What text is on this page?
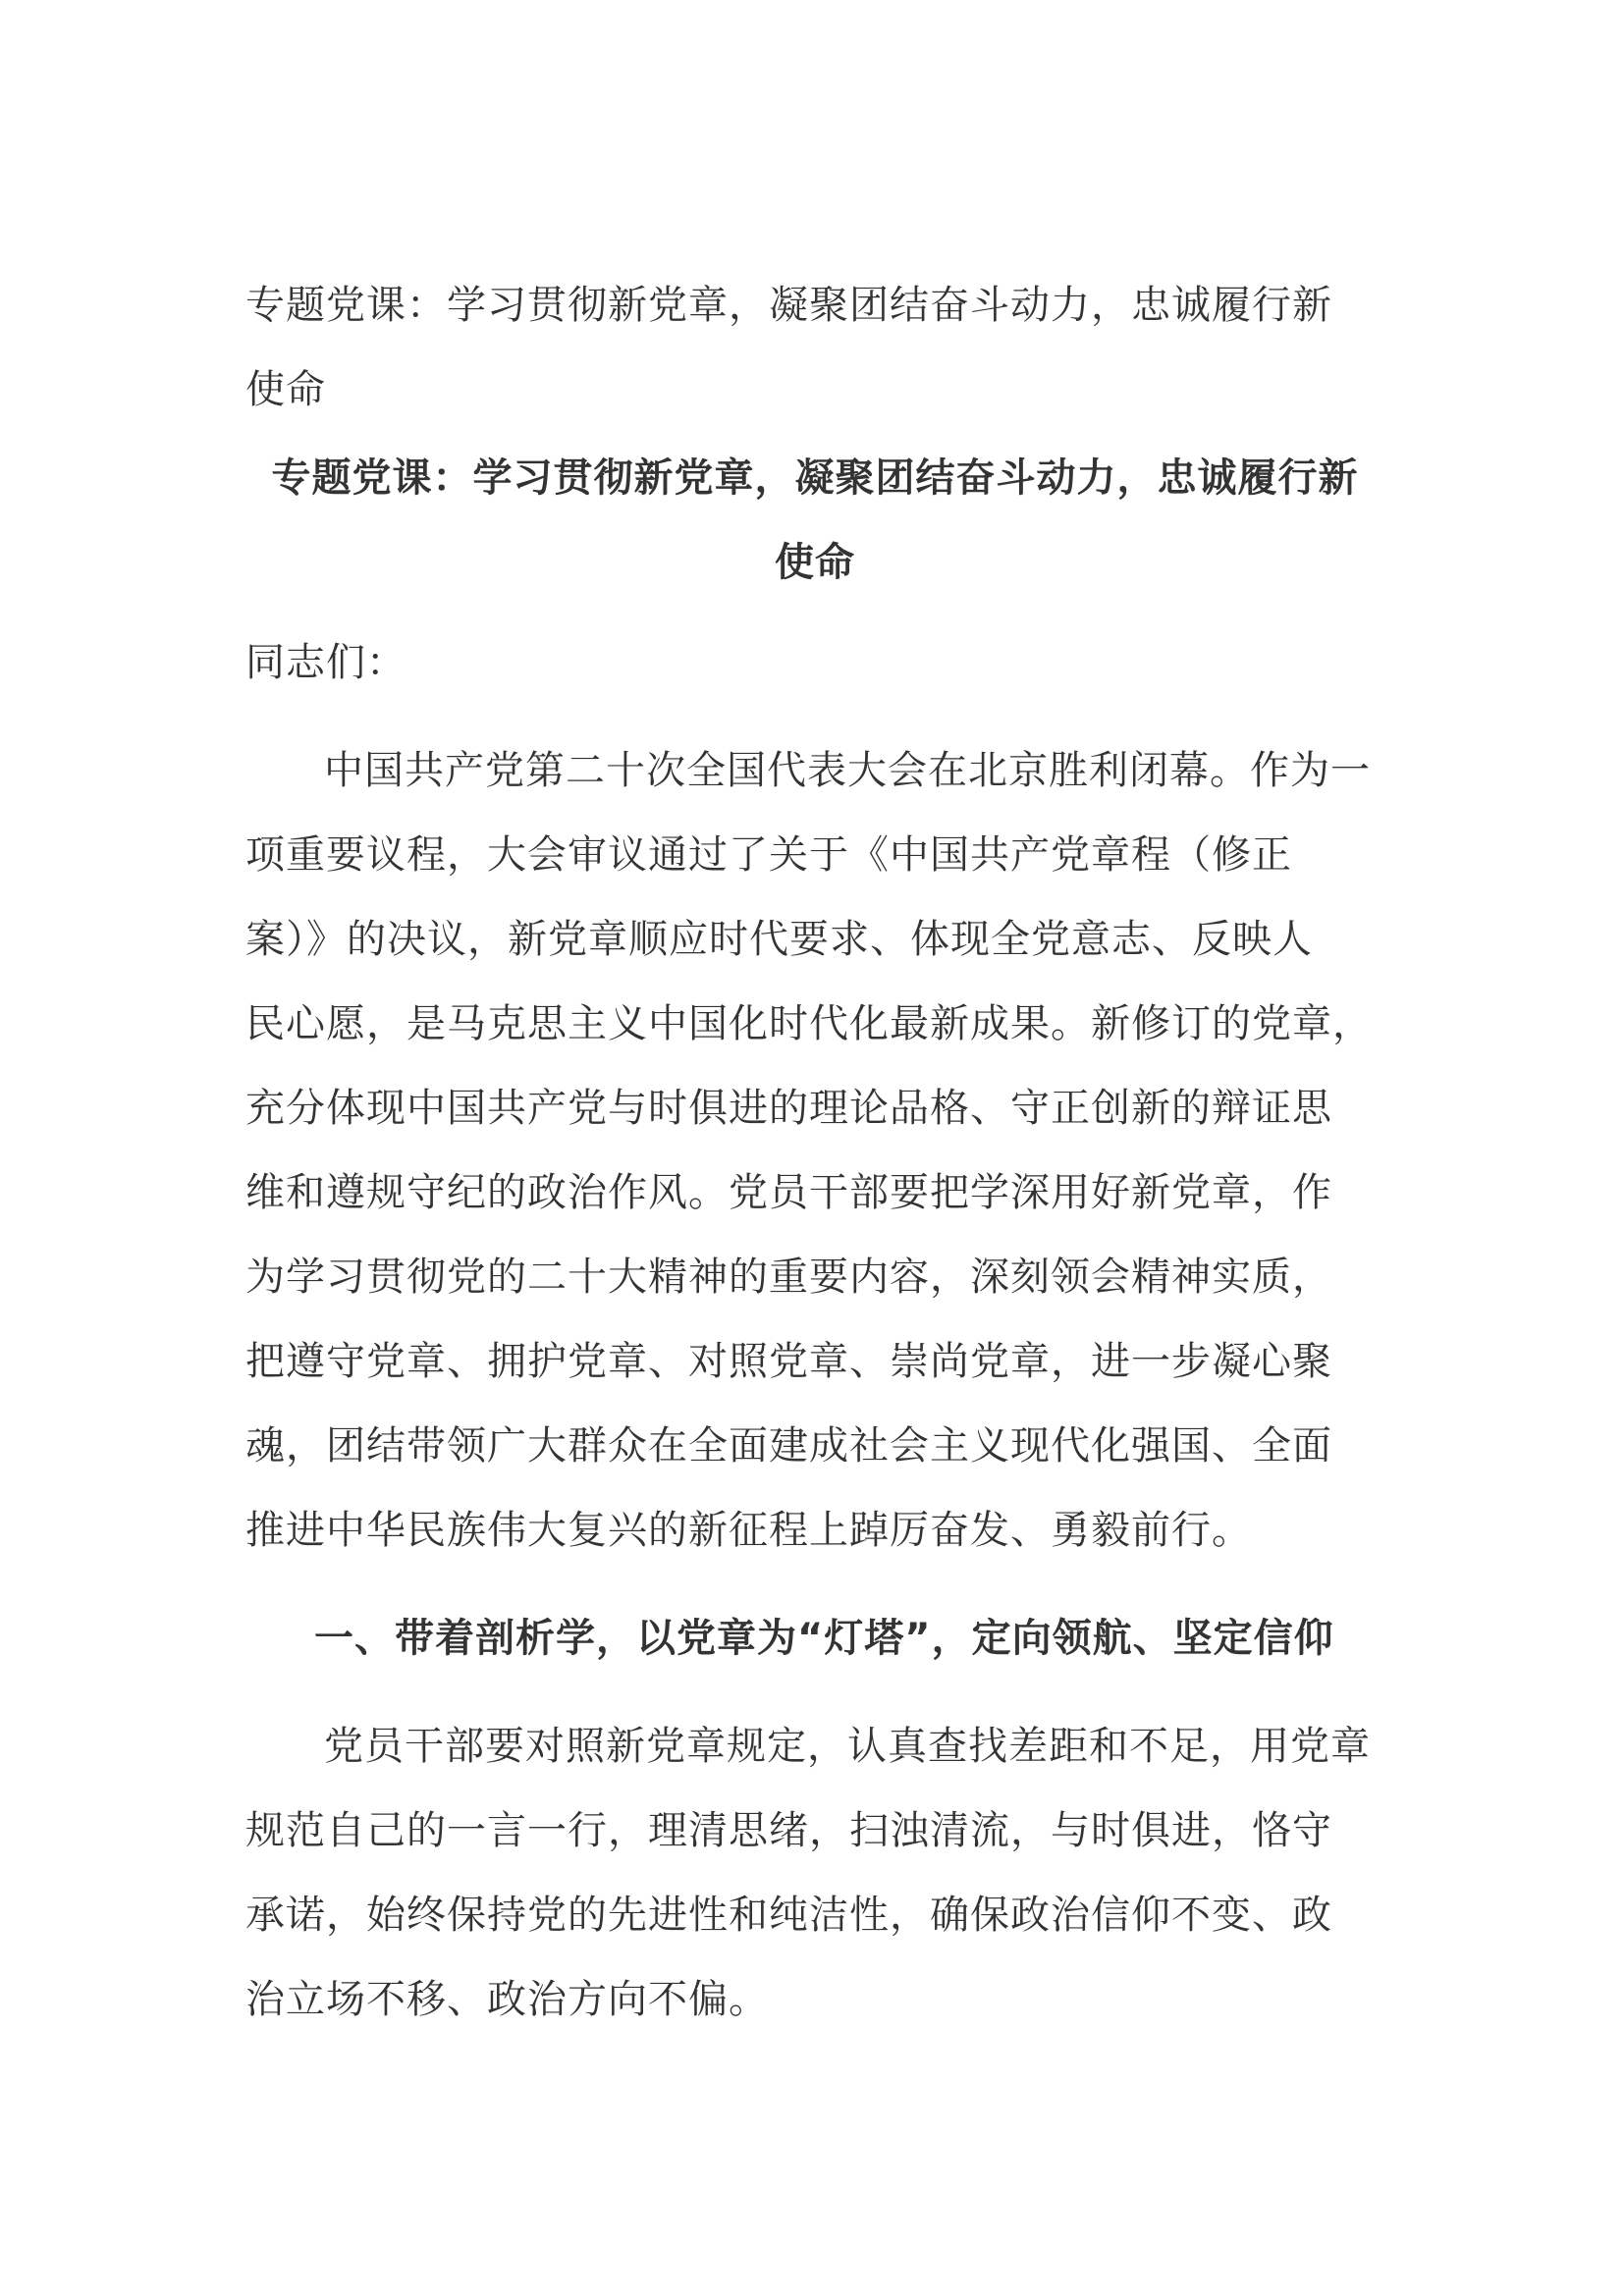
专题党课：学习贯彻新党章，凝聚团结奋斗动力，忠诚履行新
使命
专题党课：学习贯彻新党章，凝聚团结奋斗动力，忠诚履行新
使命
同志们：
中国共产党第二十次全国代表大会在北京胜利闭幕。作为一
项重要议程，大会审议通过了关于《中国共产党章程（修正
案）》的决议，新党章顺应时代要求、体现全党意志、反映人
民心愿，是马克思主义中国化时代化最新成果。新修订的党章，
充分体现中国共产党与时俱进的理论品格、守正创新的辩证思
维和遵规守纪的政治作风。党员干部要把学深用好新党章，作
为学习贯彻党的二十大精神的重要内容，深刻领会精神实质，
把遵守党章、拥护党章、对照党章、崇尚党章，进一步凝心聚
魂，团结带领广大群众在全面建成社会主义现代化强国、全面
推进中华民族伟大复兴的新征程上踔厉奋发、勇毅前行。
一、带着剖析学，以党章为“灯塔”，定向领航、坚定信仰
党员干部要对照新党章规定，认真查找差距和不足，用党章
规范自己的一言一行，理清思绪，扫浊清流，与时俱进，恪守
承诺，始终保持党的先进性和纯洁性，确保政治信仰不变、政
治立场不移、政治方向不偏。
